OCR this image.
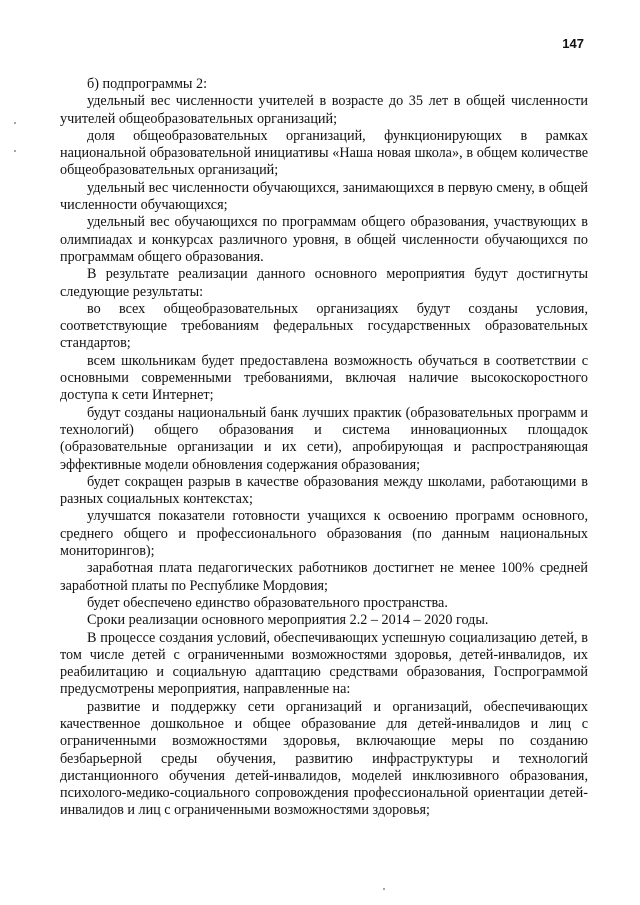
147

б) подпрограммы 2:

удельный вес численности учителей в возрасте до 35 лет в общей численности учителей общеобразовательных организаций;

доля общеобразовательных организаций, функционирующих в рамках национальной образовательной инициативы «Наша новая школа», в общем количестве общеобразовательных организаций;

удельный вес численности обучающихся, занимающихся в первую смену, в общей численности обучающихся;

удельный вес обучающихся по программам общего образования, участвующих в олимпиадах и конкурсах различного уровня, в общей численности обучающихся по программам общего образования.

В результате реализации данного основного мероприятия будут достигнуты следующие результаты:

во всех общеобразовательных организациях будут созданы условия, соответствующие требованиям федеральных государственных образовательных стандартов;

всем школьникам будет предоставлена возможность обучаться в соответствии с основными современными требованиями, включая наличие высокоскоростного доступа к сети Интернет;

будут созданы национальный банк лучших практик (образовательных программ и технологий) общего образования и система инновационных площадок (образовательные организации и их сети), апробирующая и распространяющая эффективные модели обновления содержания образования;

будет сокращен разрыв в качестве образования между школами, работающими в разных социальных контекстах;

улучшатся показатели готовности учащихся к освоению программ основного, среднего общего и профессионального образования (по данным национальных мониторингов);

заработная плата педагогических работников достигнет не менее 100% средней заработной платы по Республике Мордовия;

будет обеспечено единство образовательного пространства.

Сроки реализации основного мероприятия 2.2 – 2014 – 2020 годы.

В процессе создания условий, обеспечивающих успешную социализацию детей, в том числе детей с ограниченными возможностями здоровья, детей-инвалидов, их реабилитацию и социальную адаптацию средствами образования, Госпрограммой предусмотрены мероприятия, направленные на:

развитие и поддержку сети организаций и организаций, обеспечивающих качественное дошкольное и общее образование для детей-инвалидов и лиц с ограниченными возможностями здоровья, включающие меры по созданию безбарьерной среды обучения, развитию инфраструктуры и технологий дистанционного обучения детей-инвалидов, моделей инклюзивного образования, психолого-медико-социального сопровождения профессиональной ориентации детей-инвалидов и лиц с ограниченными возможностями здоровья;
